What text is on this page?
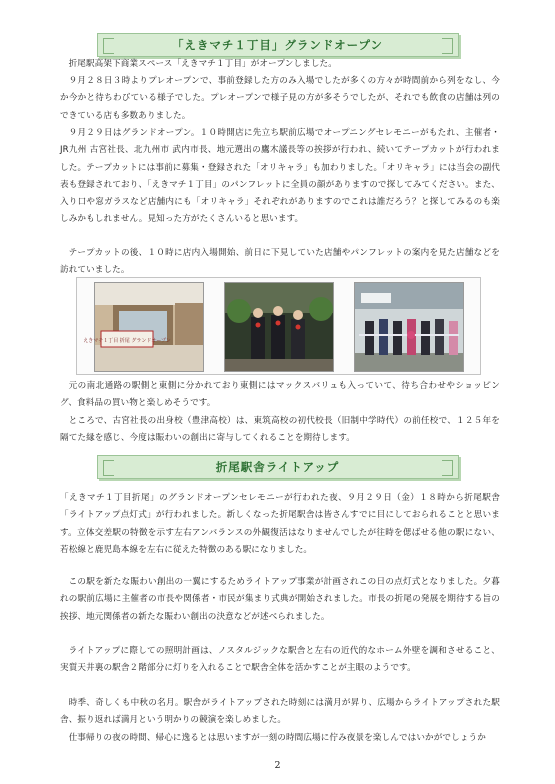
「えきマチ１丁目」グランドオープン

折尾駅高架下商業スペース「えきマチ１丁目」がオープンしました。

９月２８日３時よりプレオープンで、事前登録した方のみ入場でしたが多くの方々が時間前から列をなし、今か今かと待ちわびている様子でした。プレオープンで様子見の方が多そうでしたが、それでも飲食の店舗は列のできている店も多数ありました。

９月２９日はグランドオープン。１０時開店に先立ち駅前広場でオープニングセレモニーがもたれ、主催者・JR九州 古宮社長、北九州市 武内市長、地元選出の鷹木議長等の挨拶が行われ、続いてテープカットが行われました。テープカットには事前に募集・登録された「オリキャラ」も加わりました。「オリキャラ」には当会の副代表も登録されており、「えきマチ１丁目」のパンフレットに全員の顔がありますので探してみてください。また、入り口や窓ガラスなど店舗内にも「オリキャラ」それぞれがありますのでこれは誰だろう？と探してみるのも楽しみかもしれません。見知った方がたくさんいると思います。

テープカットの後、１０時に店内入場開始、前日に下見していた店舗やパンフレットの案内を見た店舗などを訪れていました。

えきマチ１丁目 折尾 グランドオープン

元の南北通路の駅側と東側に分かれており東側にはマックスバリュも入っていて、待ち合わせやショッピング、食料品の買い物と楽しめそうです。

ところで、古宮社長の出身校（豊津高校）は、東筑高校の初代校長（旧制中学時代）の前任校で、１２５年を隔てた縁を感じ、今度は賑わいの創出に寄与してくれることを期待します。

折尾駅舎ライトアップ

「えきマチ１丁目折尾」のグランドオープンセレモニーが行われた夜、９月２９日（金）１８時から折尾駅舎「ライトアップ点灯式」が行われました。新しくなった折尾駅舎は皆さんすでに目にしておられることと思います。立体交差駅の特徴を示す左右アンバランスの外観復活はなりませんでしたが往時を偲ばせる他の駅にない、若松線と鹿児島本線を左右に従えた特徴のある駅になりました。

この駅を新たな賑わい創出の一翼にするためライトアップ事業が計画されこの日の点灯式となりました。夕暮れの駅前広場に主催者の市長や関係者・市民が集まり式典が開始されました。市長の折尾の発展を期待する旨の挨拶、地元関係者の新たな賑わい創出の決意などが述べられました。

ライトアップに際しての照明計画は、ノスタルジックな駅舎と左右の近代的なホーム外壁を調和させること、実質天井裏の駅舎２階部分に灯りを入れることで駅舎全体を活かすことが主眼のようです。

時季、奇しくも中秋の名月。駅舎がライトアップされた時刻には満月が昇り、広場からライトアップされた駅舎、振り返れば満月という明かりの競演を楽しめました。

仕事帰りの夜の時間、帰心に逸るとは思いますが一刻の時間広場に佇み夜景を楽しんではいかがでしょうか

2
